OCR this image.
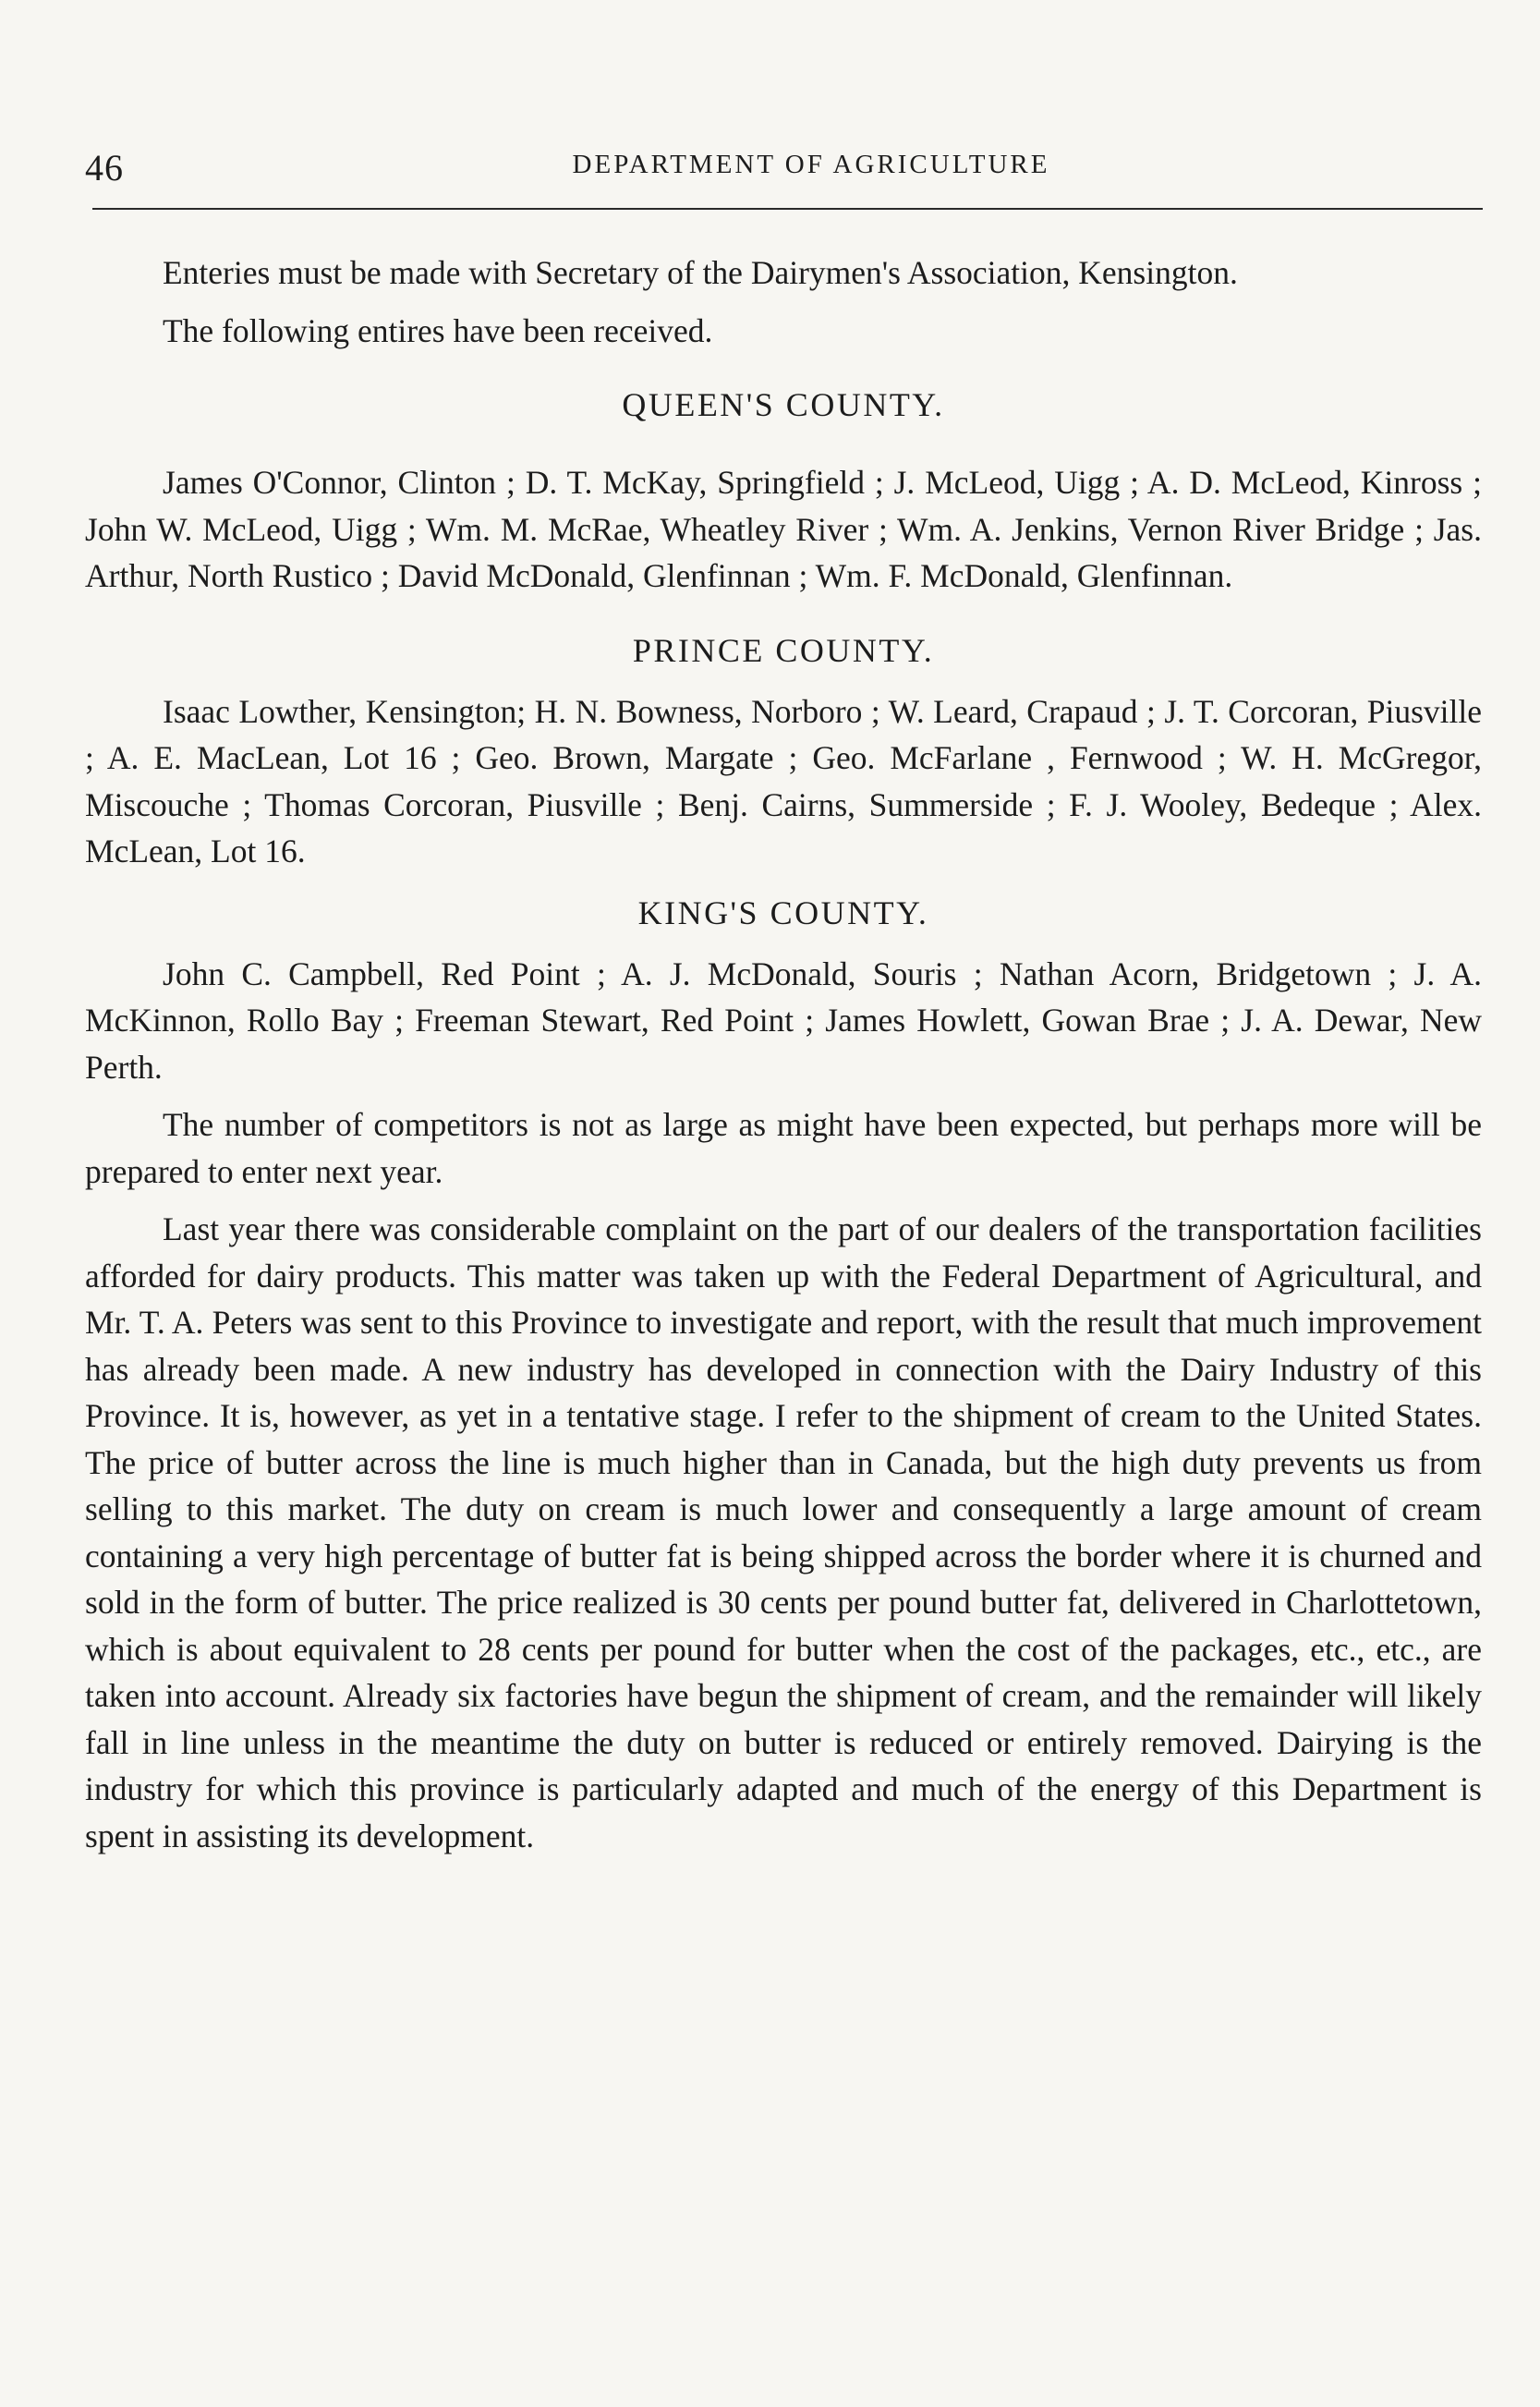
46	DEPARTMENT OF AGRICULTURE

Enteries must be made with Secretary of the Dairymen's Association, Kensington.

The following entires have been received.

QUEEN'S COUNTY.

James O'Connor, Clinton ; D. T. McKay, Springfield ; J. McLeod, Uigg ; A. D. McLeod, Kinross ; John W. McLeod, Uigg ; Wm. M. McRae, Wheatley River ; Wm. A. Jenkins, Vernon River Bridge ; Jas. Arthur, North Rustico ; David McDonald, Glenfinnan ; Wm. F. McDonald, Glenfinnan.

PRINCE COUNTY.

Isaac Lowther, Kensington; H. N. Bowness, Norboro ; W. Leard, Crapaud ; J. T. Corcoran, Piusville ; A. E. MacLean, Lot 16 ; Geo. Brown, Margate ; Geo. McFarlane , Fernwood ; W. H. McGregor, Miscouche ; Thomas Corcoran, Piusville ; Benj. Cairns, Summerside ; F. J. Wooley, Bedeque ; Alex. McLean, Lot 16.

KING'S COUNTY.

John C. Campbell, Red Point ; A. J. McDonald, Souris ; Nathan Acorn, Bridgetown ; J. A. McKinnon, Rollo Bay ; Freeman Stewart, Red Point ; James Howlett, Gowan Brae ; J. A. Dewar, New Perth.

The number of competitors is not as large as might have been expected, but perhaps more will be prepared to enter next year.

Last year there was considerable complaint on the part of our dealers of the transportation facilities afforded for dairy products. This matter was taken up with the Federal Department of Agricultural, and Mr. T. A. Peters was sent to this Province to investigate and report, with the result that much improvement has already been made. A new industry has developed in connection with the Dairy Industry of this Province. It is, however, as yet in a tentative stage. I refer to the shipment of cream to the United States. The price of butter across the line is much higher than in Canada, but the high duty prevents us from selling to this market. The duty on cream is much lower and consequently a large amount of cream containing a very high percentage of butter fat is being shipped across the border where it is churned and sold in the form of butter. The price realized is 30 cents per pound butter fat, delivered in Charlottetown, which is about equivalent to 28 cents per pound for butter when the cost of the packages, etc., etc., are taken into account. Already six factories have begun the shipment of cream, and the remainder will likely fall in line unless in the meantime the duty on butter is reduced or entirely removed. Dairying is the industry for which this province is particularly adapted and much of the energy of this Department is spent in assisting its development.
